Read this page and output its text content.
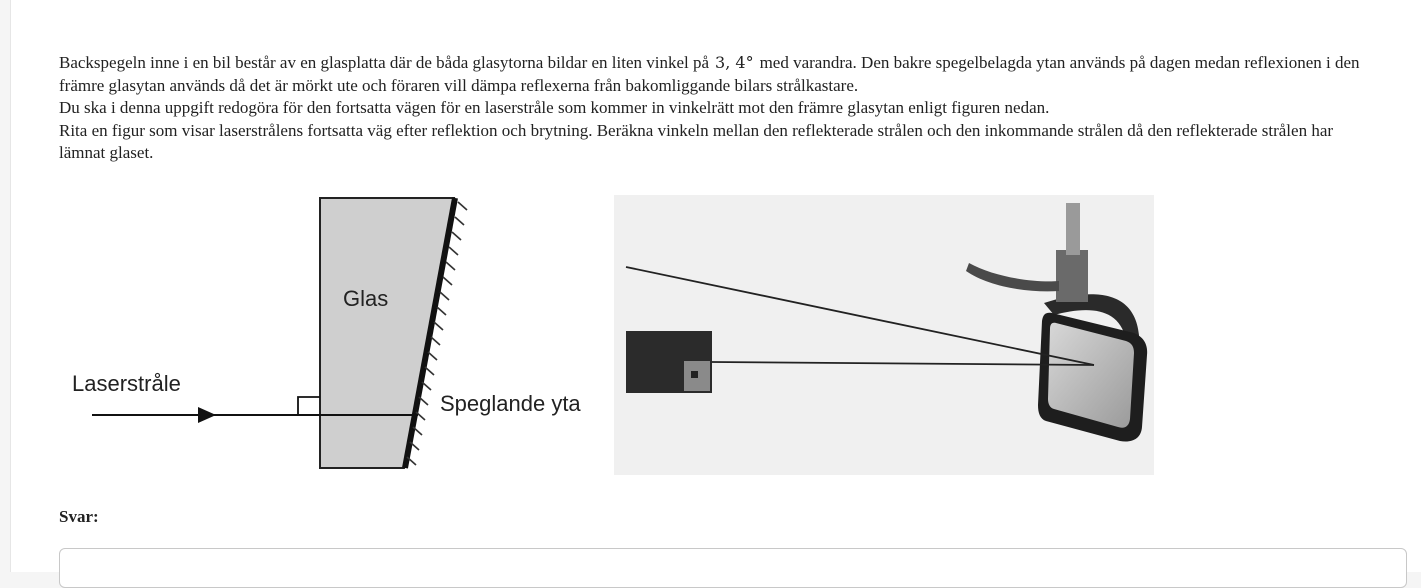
Backspegeln inne i en bil består av en glasplatta där de båda glasytorna bildar en liten vinkel på 3, 4° med varandra. Den bakre spegelbelagda ytan används på dagen medan reflexionen i den främre glasytan används då det är mörkt ute och föraren vill dämpa reflexerna från bakomliggande bilars strålkastare.

Du ska i denna uppgift redogöra för den fortsatta vägen för en laserstråle som kommer in vinkelrätt mot den främre glasytan enligt figuren nedan.

Rita en figur som visar laserstrålens fortsatta väg efter reflektion och brytning. Beräkna vinkeln mellan den reflekterade strålen och den inkommande strålen då den reflekterade strålen har lämnat glaset.

Glas
Laserstråle
Speglande yta
Svar:
